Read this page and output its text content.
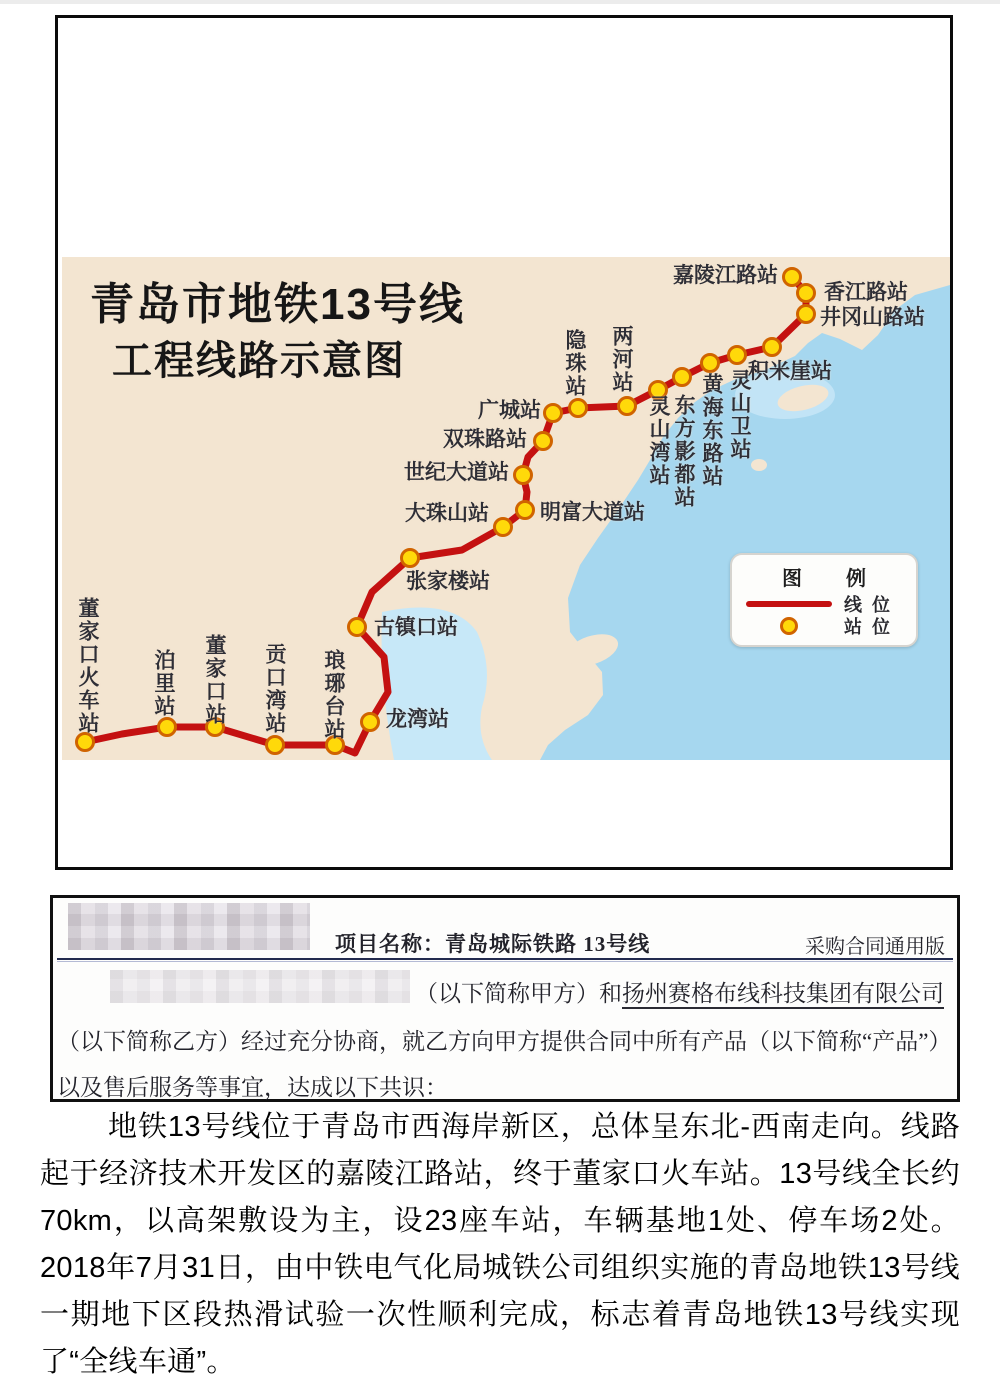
青岛市地铁13号线
工程线路示意图
嘉陵江路站
香江路站
井冈山路站
积米崖站
灵山卫站
黄海东路站
东方影都站
灵山湾站
两河站
隐珠站
广城站
双珠路站
世纪大道站
明富大道站
大珠山站
张家楼站
古镇口站
龙湾站
琅琊台站
贡口湾站
董家口站
泊里站
董家口火车站
图 例
线位
站位
项目名称：青岛城际铁路 13号线	采购合同通用版
（以下简称甲方）和扬州赛格布线科技集团有限公司
（以下简称乙方）经过充分协商，就乙方向甲方提供合同中所有产品（以下简称“产品”）
以及售后服务等事宜，达成以下共识：
地铁13号线位于青岛市西海岸新区，总体呈东北-西南走向。线路起于经济技术开发区的嘉陵江路站，终于董家口火车站。13号线全长约70km，以高架敷设为主，设23座车站，车辆基地1处、停车场2处。2018年7月31日，由中铁电气化局城铁公司组织实施的青岛地铁13号线一期地下区段热滑试验一次性顺利完成，标志着青岛地铁13号线实现了“全线车通”。
